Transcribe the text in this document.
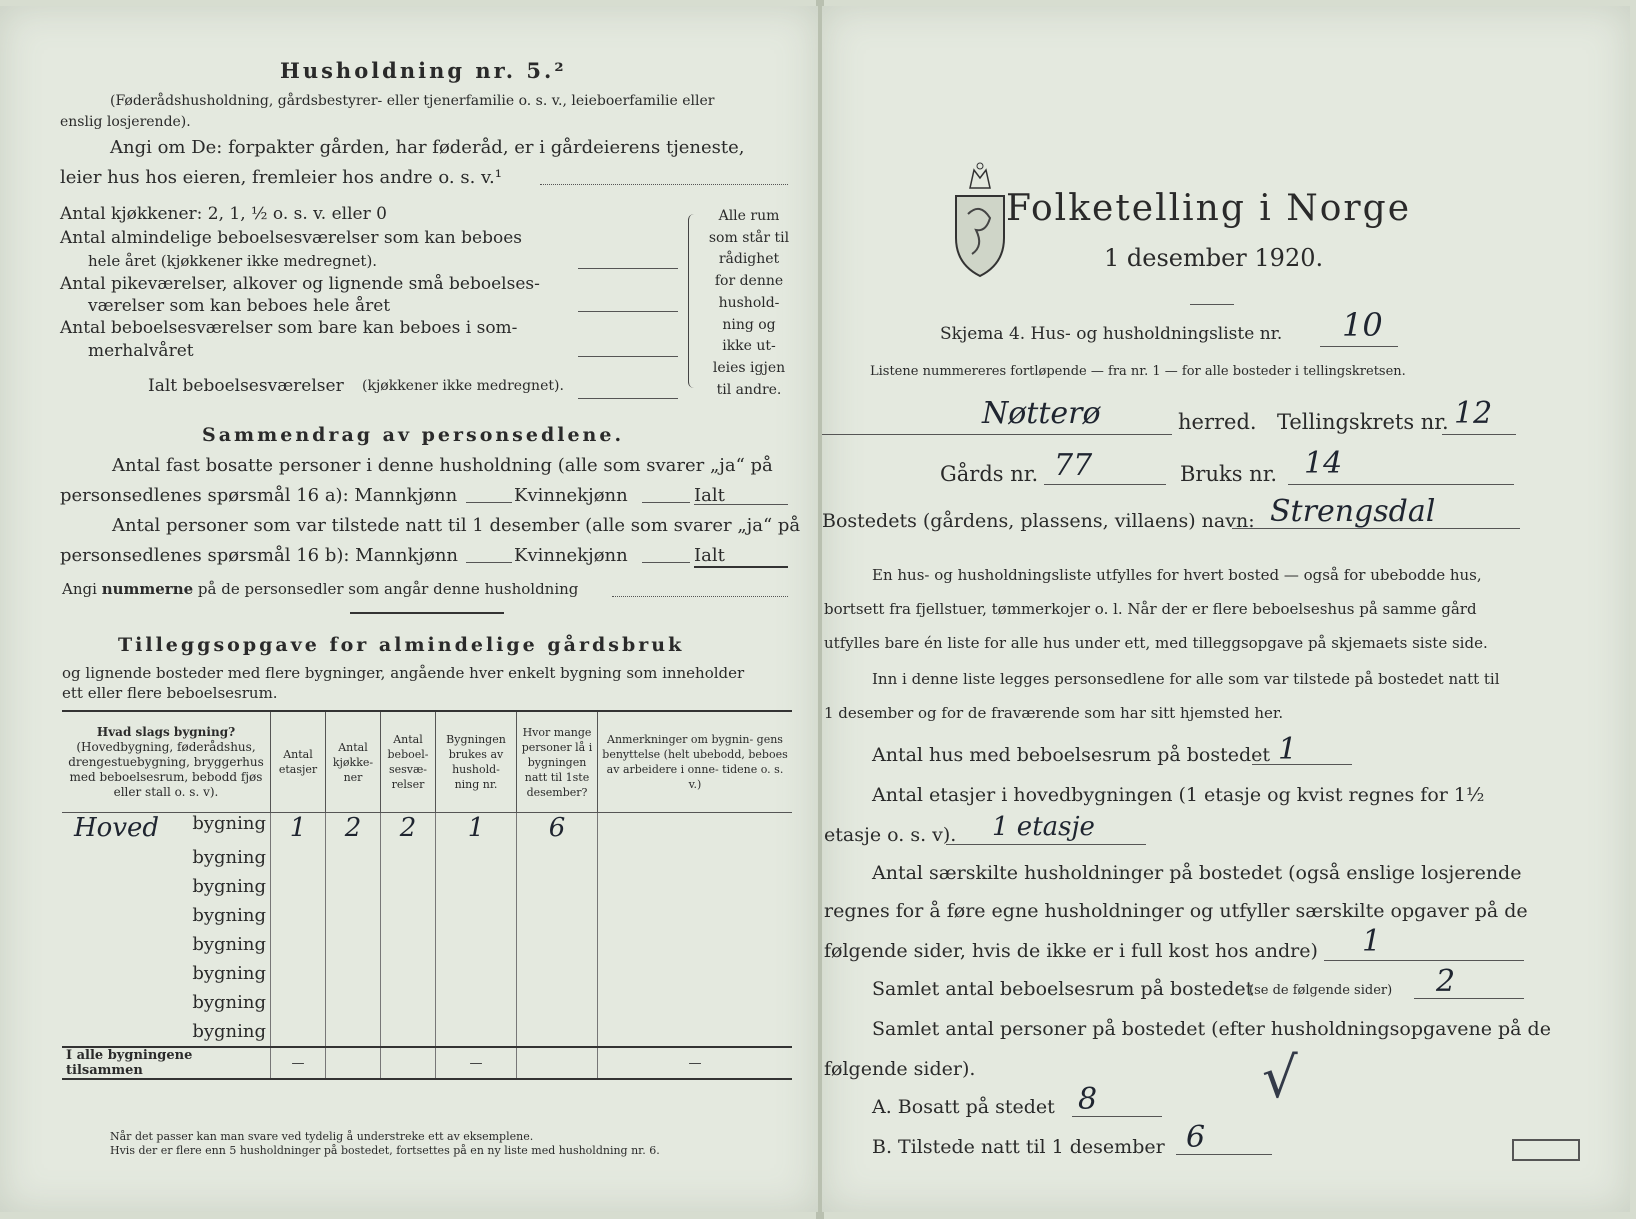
Husholdning nr. 5.²
(Føderådshusholdning, gårdsbestyrer- eller tjenerfamilie o. s. v., leieboerfamilie eller
enslig losjerende).
Angi om De: forpakter gården, har føderåd, er i gårdeierens tjeneste,
leier hus hos eieren, fremleier hos andre o. s. v.¹
Antal kjøkkener: 2, 1, ½ o. s. v. eller 0
Antal almindelige beboelsesværelser som kan beboes
hele året (kjøkkener ikke medregnet).
Antal pikeværelser, alkover og lignende små beboelses-
værelser som kan beboes hele året
Antal beboelsesværelser som bare kan beboes i som-
merhalvåret
Ialt beboelsesværelser (kjøkkener ikke medregnet).
Alle rum
som står til
rådighet
for denne
hushold-
ning og
ikke ut-
leies igjen
til andre.
Sammendrag av personsedlene.
Antal fast bosatte personer i denne husholdning (alle som svarer „ja“ på
personsedlenes spørsmål 16 a): Mannkjønn	Kvinnekjønn	Ialt
Antal personer som var tilstede natt til 1 desember (alle som svarer „ja“ på
personsedlenes spørsmål 16 b): Mannkjønn	Kvinnekjønn	Ialt
Angi nummerne på de personsedler som angår denne husholdning
Tilleggsopgave for almindelige gårdsbruk
og lignende bosteder med flere bygninger, angående hver enkelt bygning som inneholder
ett eller flere beboelsesrum.
Hvad slags bygning?
(Hovedbygning, føderådshus, drengestuebygning, bryggerhus med beboelsesrum, bebodd fjøs eller stall o. s. v).	Antal etasjer	Antal kjøkke- ner	Antal beboel- sesvæ- relser	Bygningen brukes av hushold- ning nr.	Hvor mange personer lå i bygningen natt til 1ste desember?	Anmerkninger om bygnin- gens benyttelse (helt ubebodd, beboes av arbeidere i onne- tidene o. s. v.)

Hoved bygning	1	2	2	1	6	

bygning						

bygning						

bygning						

bygning						

bygning						

bygning						

bygning						
I alle bygningene tilsammen	—			—		—
Når det passer kan man svare ved tydelig å understreke ett av eksemplene.
Hvis der er flere enn 5 husholdninger på bostedet, fortsettes på en ny liste med husholdning nr. 6.
Folketelling i Norge
1 desember 1920.
Skjema 4. Hus- og husholdningsliste nr. 10
Listene nummereres fortløpende — fra nr. 1 — for alle bosteder i tellingskretsen.
Nøtterø	herred. Tellingskrets nr. 12
Gårds nr. 77	Bruks nr. 14
Bostedets (gårdens, plassens, villaens) navn: Strengsdal
En hus- og husholdningsliste utfylles for hvert bosted — også for ubebodde hus,
bortsett fra fjellstuer, tømmerkojer o. l. Når der er flere beboelseshus på samme gård
utfylles bare én liste for alle hus under ett, med tilleggsopgave på skjemaets siste side.
Inn i denne liste legges personsedlene for alle som var tilstede på bostedet natt til
1 desember og for de fraværende som har sitt hjemsted her.
Antal hus med beboelsesrum på bostedet 1
Antal etasjer i hovedbygningen (1 etasje og kvist regnes for 1½
etasje o. s. v). 1 etasje
Antal særskilte husholdninger på bostedet (også enslige losjerende
regnes for å føre egne husholdninger og utfyller særskilte opgaver på de
følgende sider, hvis de ikke er i full kost hos andre) 1
Samlet antal beboelsesrum på bostedet
(se de følgende sider) 2
Samlet antal personer på bostedet (efter husholdningsopgavene på de
følgende sider).
A. Bosatt på stedet 8
B. Tilstede natt til 1 desember 6
√
